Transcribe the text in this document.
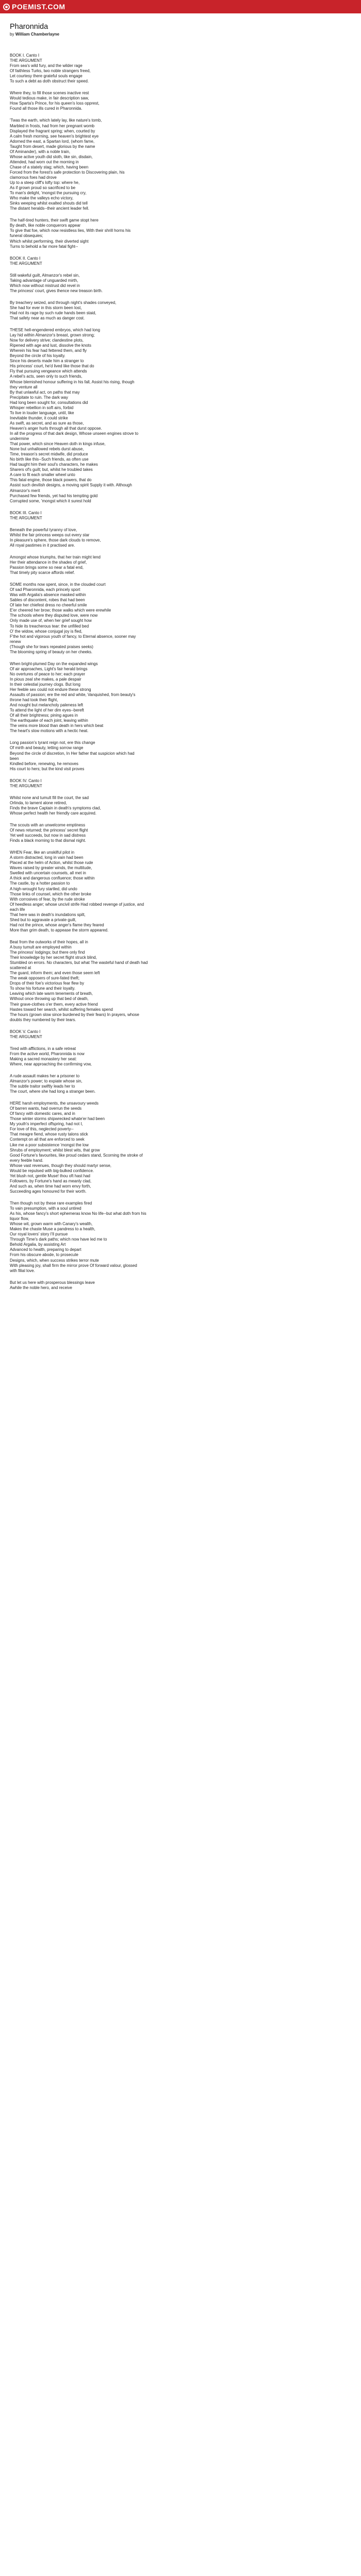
POEMIST.COM
Pharonnida
by William Chamberlayne
BOOK I. Canto I
THE ARGUMENT
From sea's wild fury, and the wilder rage
Of faithless Turks, two noble strangers freed,
Let courtesy there grateful souls engage
To such a debt as doth obstruct their speed.
Where they, to fill those scenes inactive rest
Would tedious make, in fair description saw,
How Sparta's Prince, for his queen's loss opprest,
Found all those ills cured in Pharonnida.
'Twas the earth, which lately lay, like nature's tomb,
Marbled in frosts, had from her pregnant womb
Displayed the fragrant spring; when, courted by
A calm fresh morning, see heaven's brightest eye
Adorned the east, a Spartan lord, (whom fame,
Taught from desert, made glorious by the name
Of Aminander), with a noble train,
Whose active youth did sloth, like sin, disdain,
Attended, had worn out the morning in
Chase of a stately stag; which, having been
Forced from the forest's safe protection to Discovering plain, his
clamorous foes had drove
Up to a steep cliff's lofty top: where he,
As if grown proud so sacrificed to be
To man's delight, 'mongst the pursuing cry,
Who make the valleys echo victory,
Sinks weeping whilst exalted shouts did tell
The distant heralds--their ancient leader fell.
The half-tired hunters, their swift game stopt here
By death, like noble conquerors appear
To give that foe, which now resistless lies, With their shrill horns his
funeral obsequies;
Which whilst performing, their diverted sight
Turns to behold a far more fatal fight--
BOOK II. Canto I
THE ARGUMENT
Still wakeful guilt, Almanzor's rebel sin,
Taking advantage of unguarded mirth,
Which now without mistrust did revel in
The princess' court, gives thence new treason birth.
By treachery seized, and through night's shades conveyed,
She had for ever in this storm been lost,
Had not its rage by such rude hands been staid,
That safety near as much as danger cost.
THESE hell-engendered embryos, which had long
Lay hid within Almanzor's breast, grown strong;
Now for delivery strive; clandestine plots,
Ripened with age and lust, dissolve the knots
Wherein his fear had fettered them, and fly
Beyond the circle of his loyalty.
Since his deserts made him a stranger to
His princess' court, he'd lived like those that do
Fly that pursuing vengeance which attends
A rebel's acts, seen only to such friends,
Whose blemished honour suffering in his fall, Assist his rising, though
they venture all
By that unlawful act, on paths that may
Precipitate to ruin. The dark way
Had long been sought for, consultations did
Whisper rebellion in soft airs, forbid
To live in louder language, until, like
Inevitable thunder, it could strike
As swift, as secret, and as sure as those,
Heaven's anger hurls through all that durst oppose.
In all the progress of that dark design, Whose unseen engines strove to
undermine
That power, which since Heaven doth in kings infuse,
None but unhallowed rebels durst abuse,
Time, treason's secret midwife, did produce
No birth like this--Such friends, as often use
Had taught him their soul's characters, he makes
Sharers of's guilt; but, whilst he troubled takes
A care to fit each smaller wheel unto
This fatal engine, those black powers, that do
Assist such devilish designs, a moving spirit Supply it with. Although
Almanzor's merit
Purchased few friends, yet had his tempting gold
Corrupted some, 'mongst which it surest hold
BOOK III. Canto I
THE ARGUMENT
Beneath the powerful tyranny of love,
Whilst the fair princess weeps out every star
In pleasure's sphere, those dark clouds to remove,
All royal pastimes in it practised are.
Amongst whose triumphs, that her train might lend
Her their attendance in the shades of grief,
Passion brings some so near a fatal end,
That timely pity scarce affords relief.
SOME months now spent, since, in the clouded court
Of sad Pharonnida, each princely sport
Was with Argalia's absence masked within
Sables of discontent, robes that had been
Of late her chiefest dress no cheerful smile
E'er cheered her brow; those walks which were erewhile
The schools where they disputed love, were now
Only made use of, when her grief sought how
To hide its treacherous tear: the unfilled bed
O' the widow, whose conjugal joy is fled,
F'the hot and vigorous youth of fancy, to Eternal absence, sooner may
renew
(Though she for tears repeated praises seeks)
The blooming spring of beauty on her cheeks.
When bright-plumed Day on the expanded wings
Of air approaches, Light's fair herald brings
No overtures of peace to her; each prayer
In pious zeal she makes, a pale despair
In their celestial journey clogs. But long
Her feeble sex could not endure these strong
Assaults of passion; ere the red and white, Vanquished, from beauty's
throne had took their flight,
And nought but melancholy paleness left
To attend the light of her dim eyes--bereft
Of all their brightness; pining agues in
The earthquake of each joint, leaving within
The veins more blood than death in hers which beat
The heart's slow motions with a hectic heat.
Long passion's tyrant reign not, ere this change
Of mirth and beauty, letting sorrow range
Beyond the circle of discretion, In Her father that suspicion which had
been
Kindled before, renewing, he removes
His court to hers; but the kind visit proves
BOOK IV. Canto I
THE ARGUMENT
Whilst none and tumult fill the court, the sad
Orlinda, to lament alone retired,
Finds the brave Captain in death's symptoms clad,
Whose perfect health her friendly care acquired.
The scouts with an unwelcome emptiness
Of news returned; the princess' secret flight
Yet well succeeds, but now in sad distress
Finds a black morning to that dismal night.
WHEN Fear, like an unskilful pilot in
A storm distracted, long in vain had been
Placed at the helm of Action, whilst those rude
Waves raised by greater winds, the multitude,
Swelled with uncertain counsels, all met in
A thick and dangerous confluence; those within
The castle, by a hotter passion to
A high-wrought fury startled, did undo
Those links of counsel, which the other broke
With corrosives of fear, by the rude stroke
Of heedless anger; whose uncivil strife Had robbed revenge of justice, and
each life
That here was in death's inundations spilt,
Shed but to aggravate a private guilt,
Had not the prince, whose anger's flame they feared
More than grim death, to appease the storm appeared.
Beat from the outworks of their hopes, all in
A busy tumult are employed within
The princess' lodgings; but there only find
Their knowledge by her secret flight struck blind,
Stumbled on errors. No characters, but what The wasteful hand of death had
scattered at
The guard, inform them; and even those seem left
The weak opposers of sure-fated theft;
Drops of their foe's victorious fear flew by
To show his fortune and their loyalty.
Leaving which late warm tenements of breath,
Without once throwing up that bed of death,
Their grave-clothes o'er them, every active friend
Hastes toward her search, whilst suffering females spend
The hours (grown slow since burdened by their fears) In prayers, whose
doubts they numbered by their tears.
BOOK V. Canto I
THE ARGUMENT
Tired with afflictions, in a safe retreat
From the active world, Pharonnida is now
Making a sacred monastery her seat:
Where, near approaching the confirming vow,
A rude assault makes her a prisoner to
Almanzor's power; to expiate whose sin,
The subtle traitor swiftly leads her to
The court, where she had long a stranger been.
HERE harsh employments, the unsavoury weeds
Of barren wants, had overrun the seeds
Of fancy with domestic cares, and in
Those winter storms shipwrecked whate'er had been
My youth's imperfect offspring, had not I,
For love of this, neglected poverty--
That meagre fiend, whose rusty talons stick
Contempt on all that are enforced to seek
Like me a poor subsistence 'mongst the low
Shrubs of employment; whilst blest wits, that grow
Good Fortune's favourites, like proud cedars stand, Scorning the stroke of
every feeble hand.
Whose vast revenues, though they should martyr sense,
Would be repulsed with big-bulked confidence.
Yet blush not, gentle Muse! thou oft hast had
Followers, by Fortune's hand as meanly clad,
And such as, when time had worn envy forth,
Succeeding ages honoured for their worth.
Then though not by these rare examples fired
To vain presumption, with a soul untired
As his, whose fancy's short ephemeras know No life--but what doth from his
liquor flow,
Whose wit, grown warm with Canary's wealth,
Makes the chaste Muse a pandress to a health,
Our royal lovers' story I'll pursue
Through Time's dark paths; which now have led me to
Behold Argalia, by assisting Art
Advanced to health, preparing to depart
From his obscure abode, to prosecute
Designs, which, when success strikes terror mute
With pleasing joy, shall firm the mirror prove Of forward valour, glossed
with filial love.
But let us here with prosperous blessings leave
Awhile the noble hero, and receive
